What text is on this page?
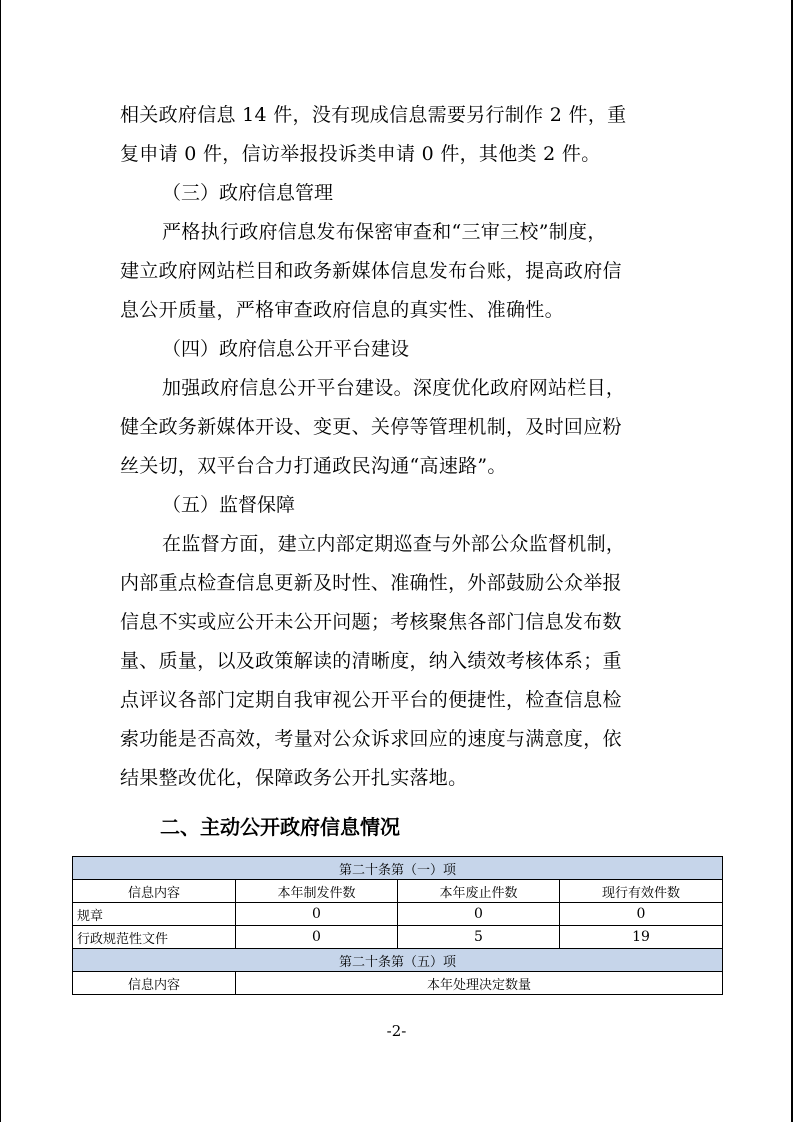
相关政府信息 14 件，没有现成信息需要另行制作 2 件，重
复申请 0 件，信访举报投诉类申请 0 件，其他类 2 件。
（三）政府信息管理
严格执行政府信息发布保密审查和“三审三校”制度，
建立政府网站栏目和政务新媒体信息发布台账，提高政府信
息公开质量，严格审查政府信息的真实性、准确性。
（四）政府信息公开平台建设
加强政府信息公开平台建设。深度优化政府网站栏目，
健全政务新媒体开设、变更、关停等管理机制，及时回应粉
丝关切，双平台合力打通政民沟通“高速路”。
（五）监督保障
在监督方面，建立内部定期巡查与外部公众监督机制，
内部重点检查信息更新及时性、准确性，外部鼓励公众举报
信息不实或应公开未公开问题；考核聚焦各部门信息发布数
量、质量，以及政策解读的清晰度，纳入绩效考核体系；重
点评议各部门定期自我审视公开平台的便捷性，检查信息检
索功能是否高效，考量对公众诉求回应的速度与满意度，依
结果整改优化，保障政务公开扎实落地。
二、主动公开政府信息情况
第二十条第（一）项			
信息内容	本年制发件数	本年废止件数	现行有效件数
规章	0	0	0
行政规范性文件	0	5	19
第二十条第（五）项			
信息内容	本年处理决定数量		
-2-
